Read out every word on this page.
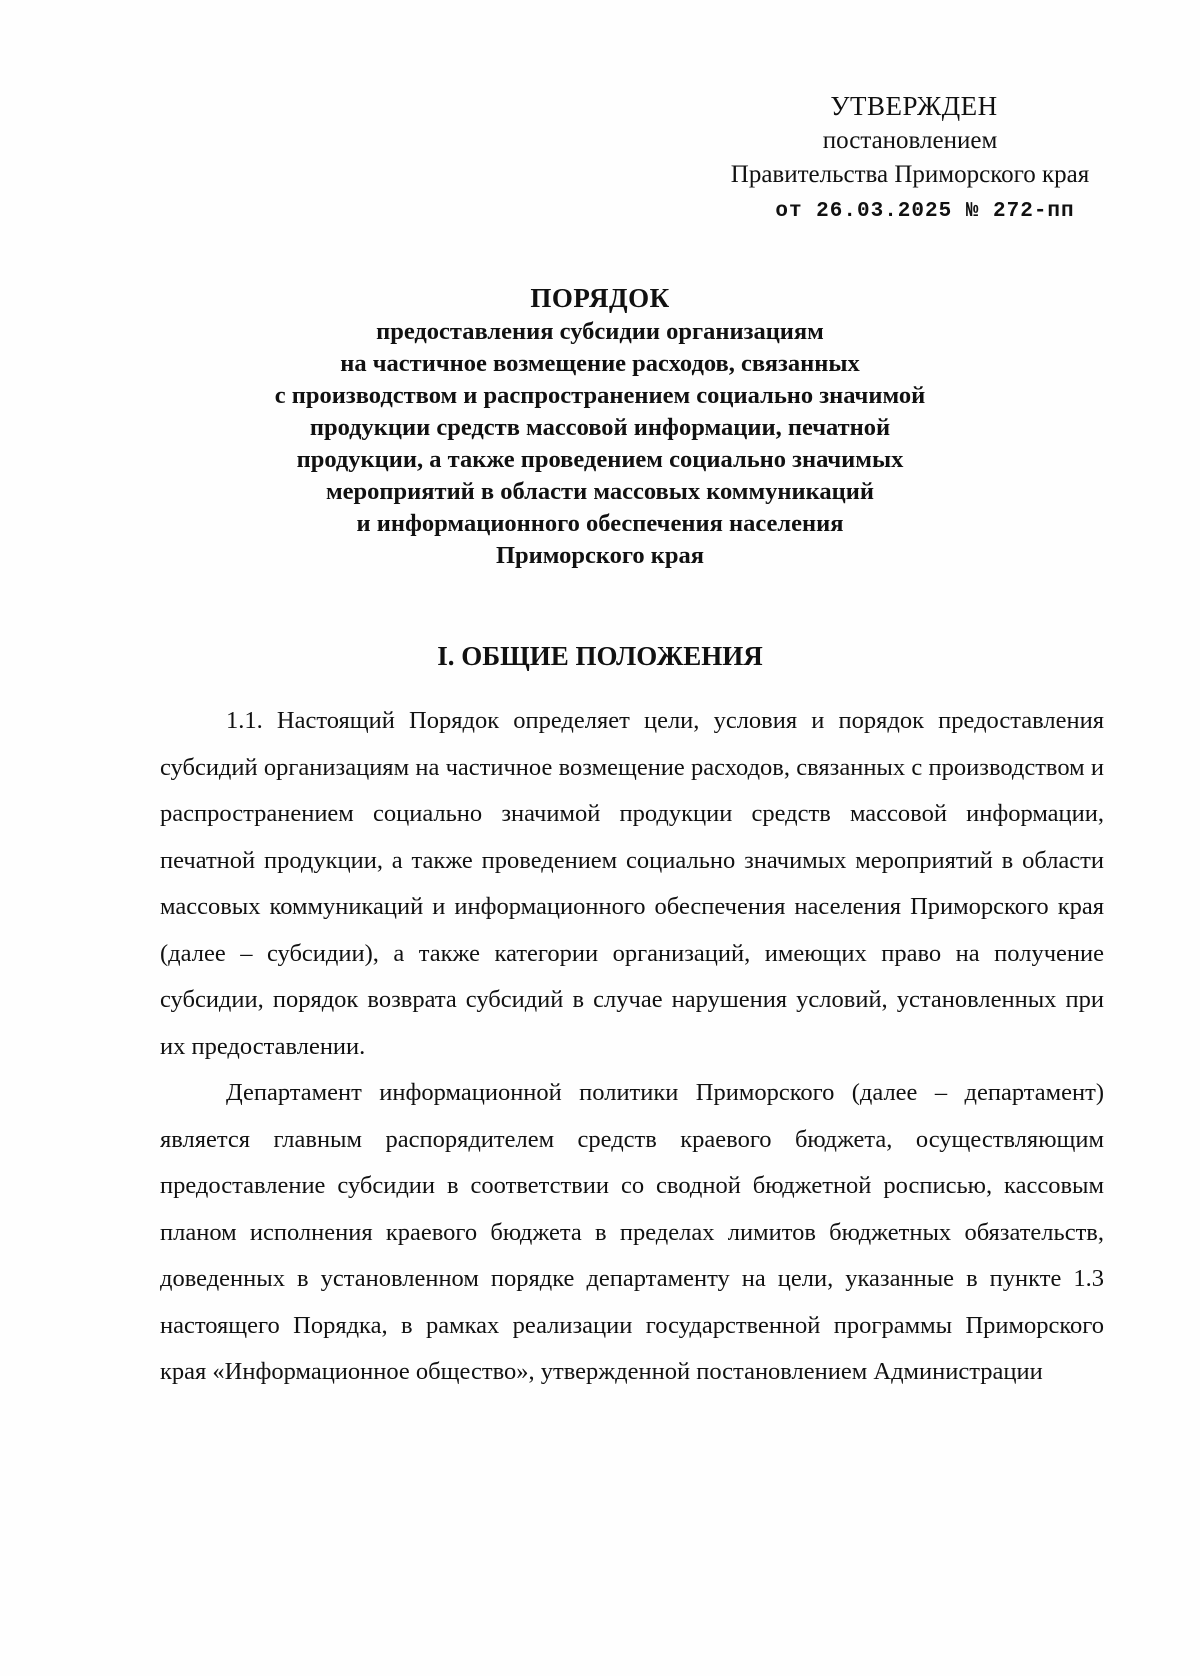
УТВЕРЖДЕН
постановлением
Правительства Приморского края
от 26.03.2025 № 272-пп
ПОРЯДОК
предоставления субсидии организациям
на частичное возмещение расходов, связанных
с производством и распространением социально значимой
продукции средств массовой информации, печатной
продукции, а также проведением социально значимых
мероприятий в области массовых коммуникаций
и информационного обеспечения населения
Приморского края
I. ОБЩИЕ ПОЛОЖЕНИЯ

1.1. Настоящий Порядок определяет цели, условия и порядок предоставления субсидий организациям на частичное возмещение расходов, связанных с производством и распространением социально значимой продукции средств массовой информации, печатной продукции, а также проведением социально значимых мероприятий в области массовых коммуникаций и информационного обеспечения населения Приморского края (далее – субсидии), а также категории организаций, имеющих право на получение субсидии, порядок возврата субсидий в случае нарушения условий, установленных при их предоставлении.

Департамент информационной политики Приморского (далее – департамент) является главным распорядителем средств краевого бюджета, осуществляющим предоставление субсидии в соответствии со сводной бюджетной росписью, кассовым планом исполнения краевого бюджета в пределах лимитов бюджетных обязательств, доведенных в установленном порядке департаменту на цели, указанные в пункте 1.3 настоящего Порядка, в рамках реализации государственной программы Приморского края «Информационное общество», утвержденной постановлением Администрации
